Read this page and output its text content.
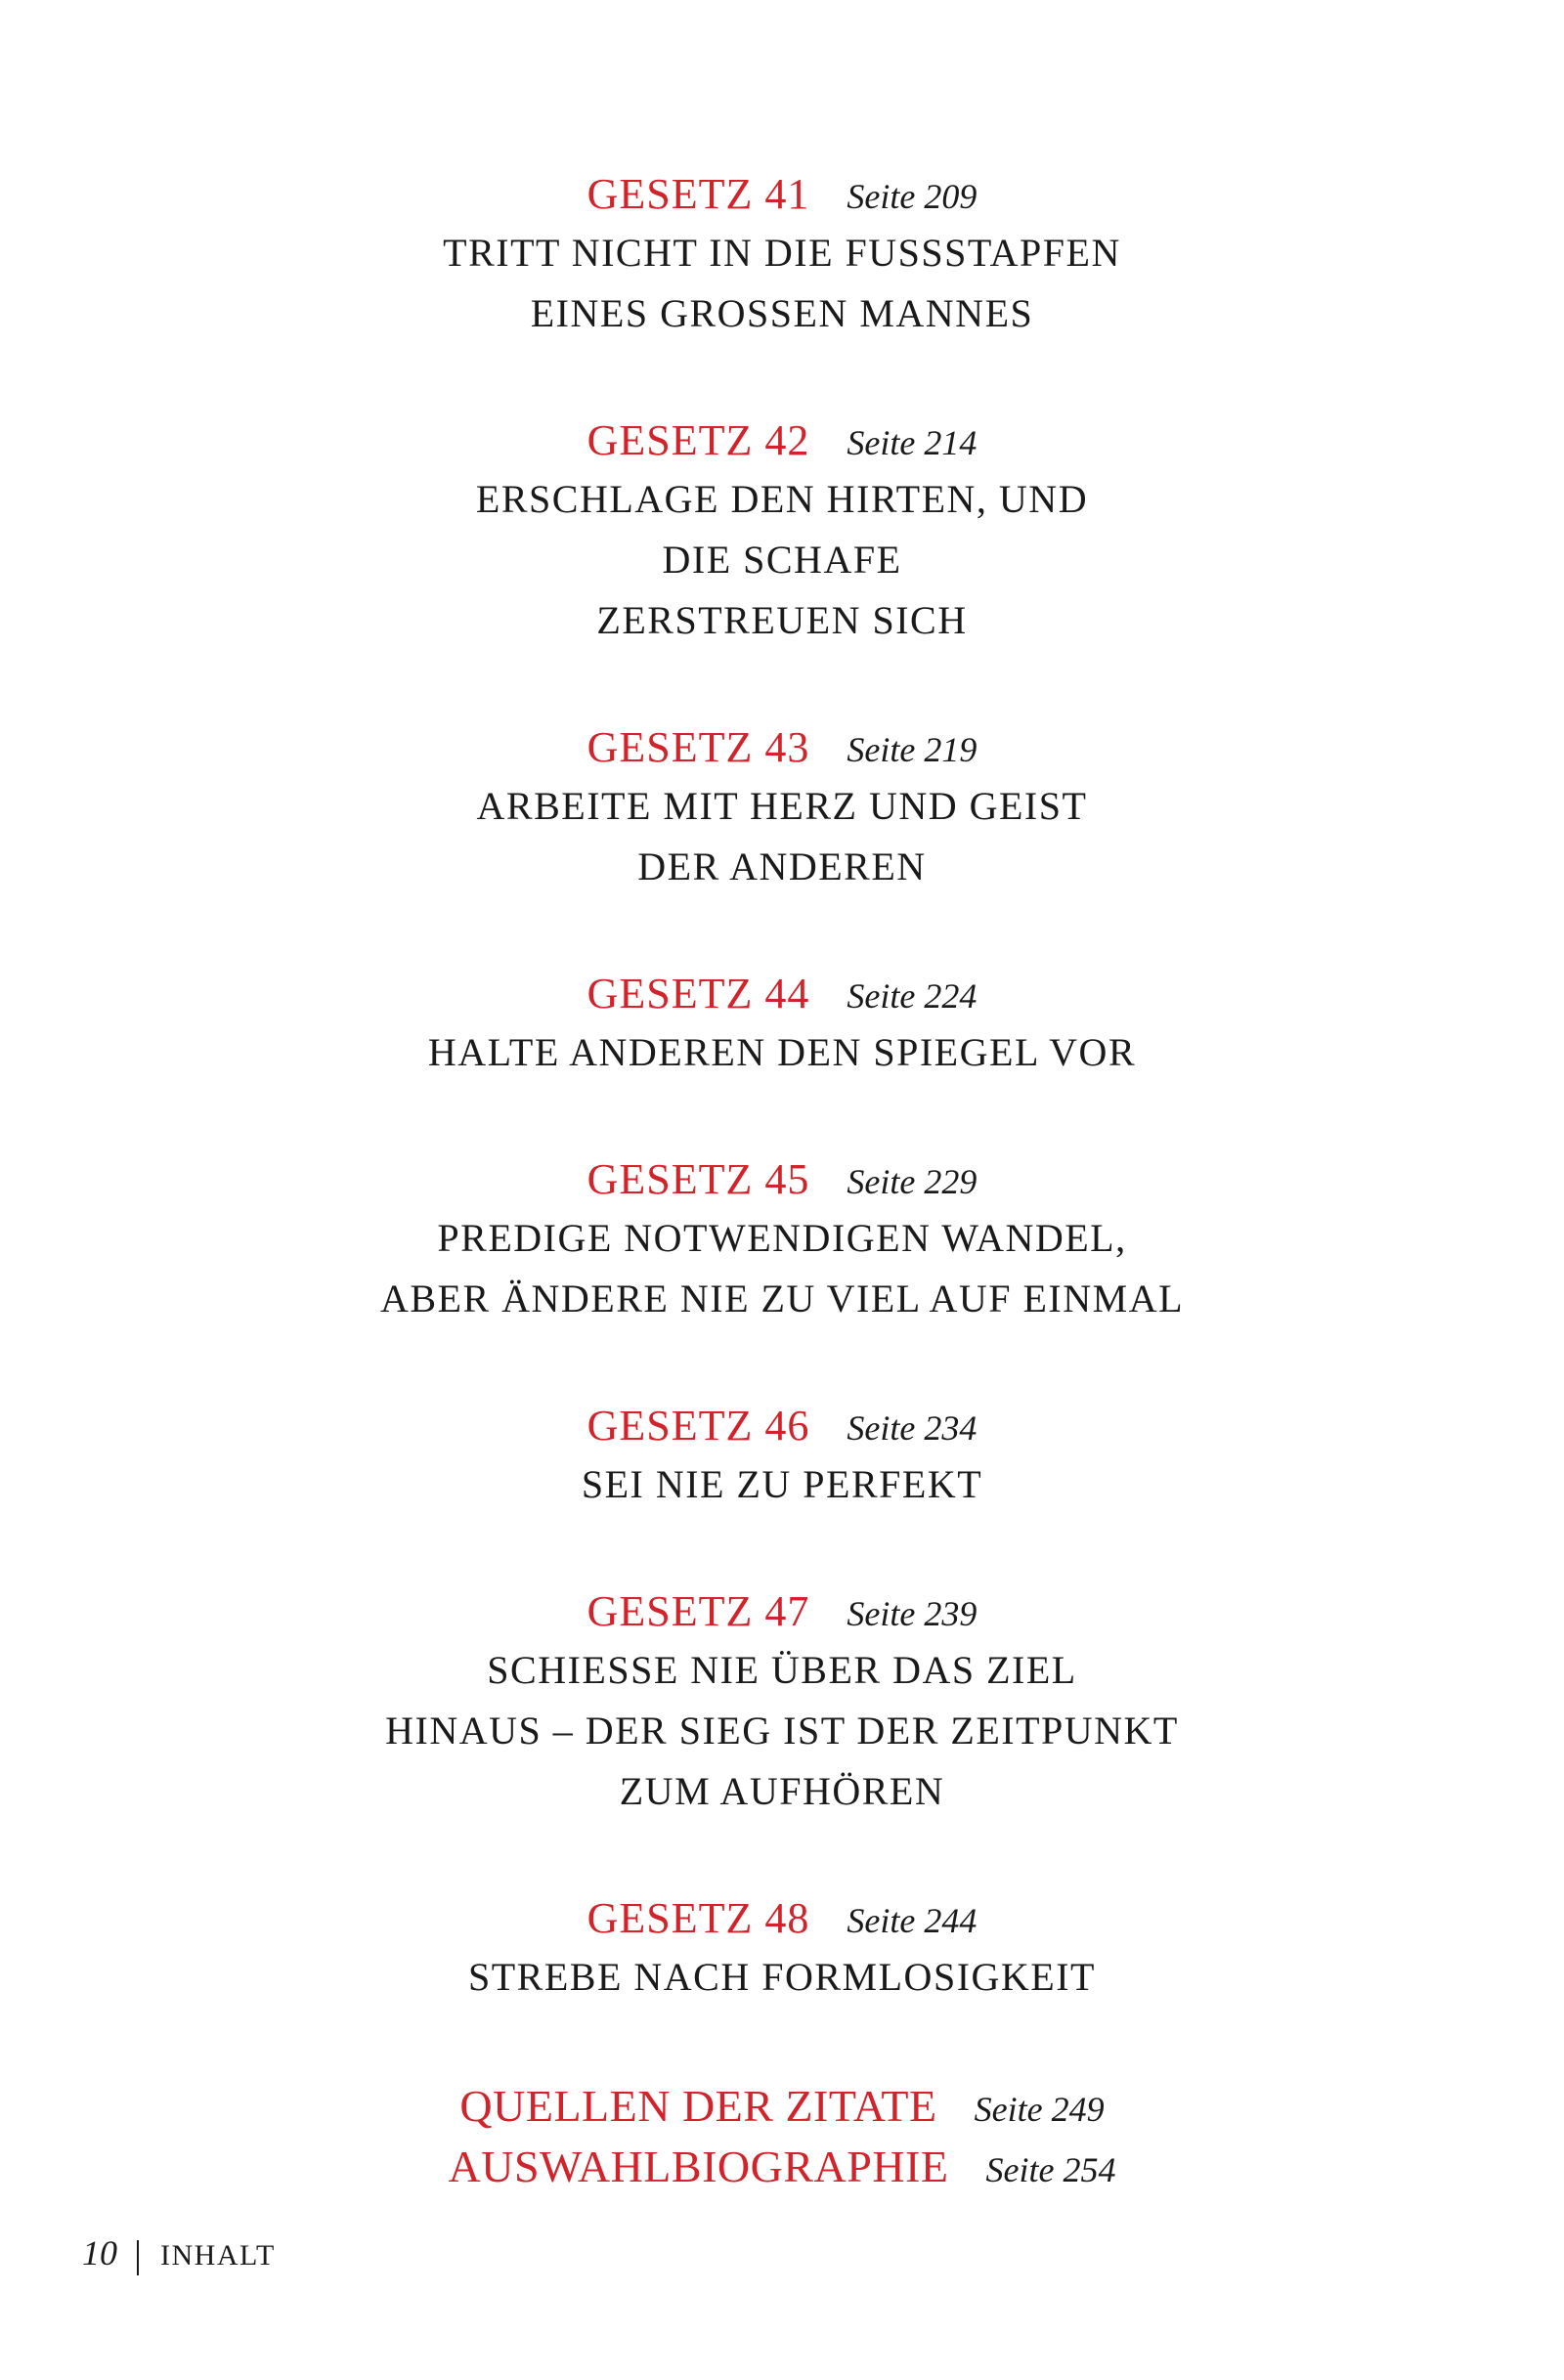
GESETZ 41 Seite 209
TRITT NICHT IN DIE FUSSSTAPFEN
EINES GROSSEN MANNES
GESETZ 42 Seite 214
ERSCHLAGE DEN HIRTEN, UND
DIE SCHAFE
ZERSTREUEN SICH
GESETZ 43 Seite 219
ARBEITE MIT HERZ UND GEIST
DER ANDEREN
GESETZ 44 Seite 224
HALTE ANDEREN DEN SPIEGEL VOR
GESETZ 45 Seite 229
PREDIGE NOTWENDIGEN WANDEL,
ABER ÄNDERE NIE ZU VIEL AUF EINMAL
GESETZ 46 Seite 234
SEI NIE ZU PERFEKT
GESETZ 47 Seite 239
SCHIESSE NIE ÜBER DAS ZIEL
HINAUS – DER SIEG IST DER ZEITPUNKT
ZUM AUFHÖREN
GESETZ 48 Seite 244
STREBE NACH FORMLOSIGKEIT
QUELLEN DER ZITATE Seite 249
AUSWAHLBIOGRAPHIE Seite 254
10 INHALT
